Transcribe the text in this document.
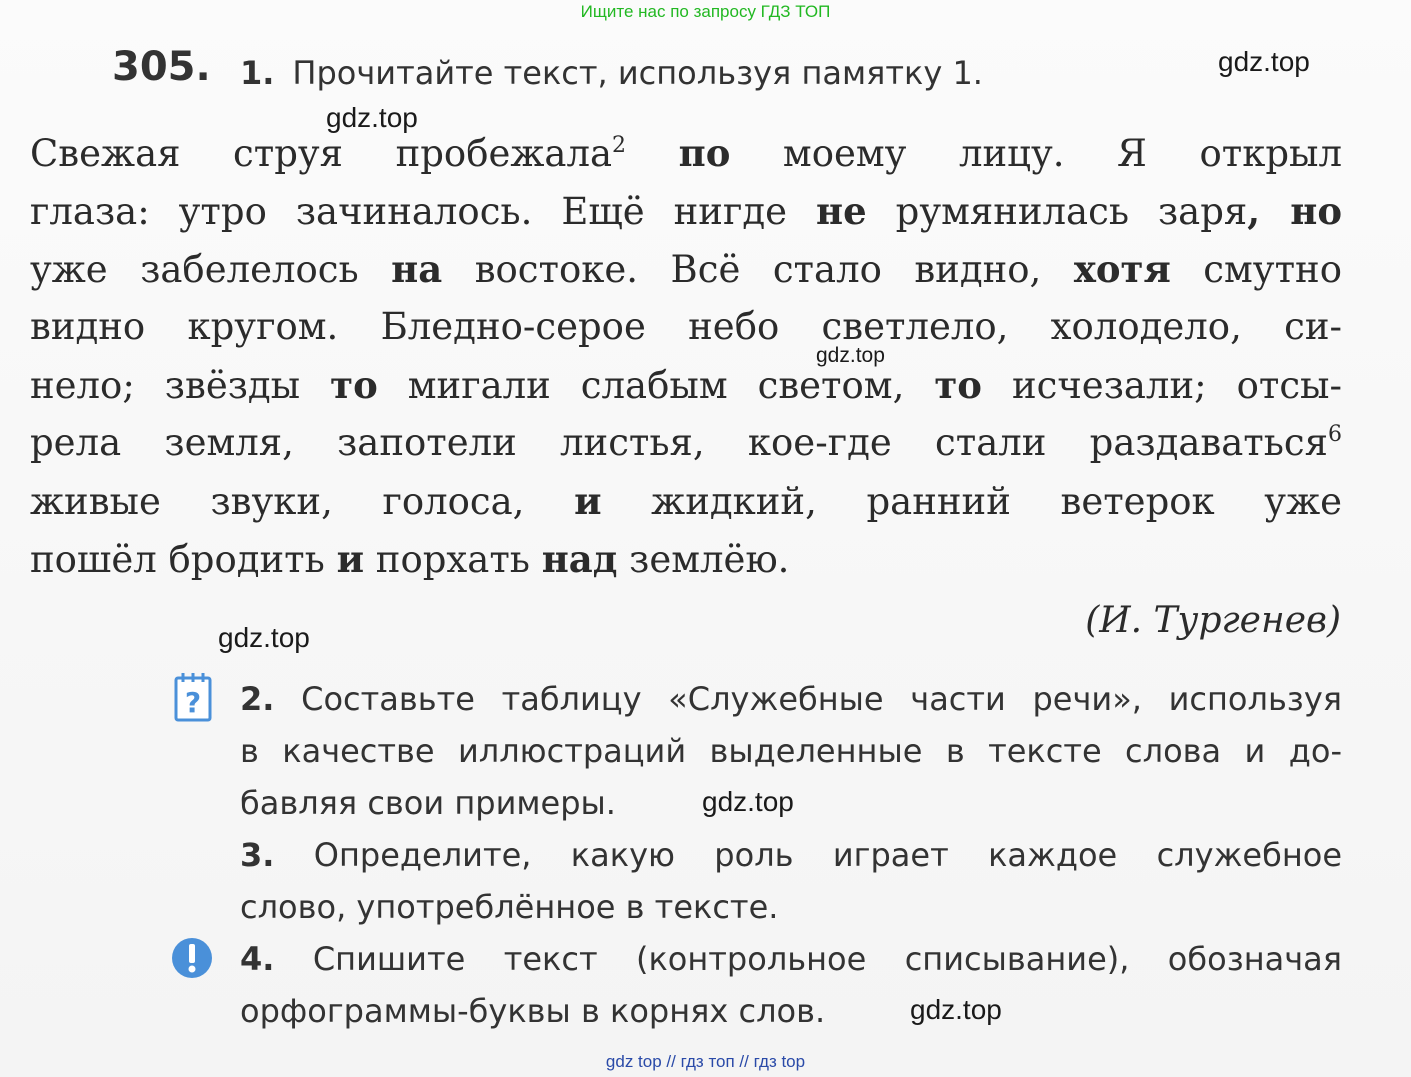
Ищите нас по запросу ГДЗ ТОП
305. 1. Прочитайте текст, используя памятку 1.
Свежая струя пробежала$^2$ по моему лицу. Я открыл
глаза: утро зачиналось. Ещё нигде не румянилась заря, но
уже забелелось на востоке. Всё стало видно, хотя смутно
видно кругом. Бледно-серое небо светлело, холодело, си-
нело; звёзды то мигали слабым светом, то исчезали; отсы-
рела земля, запотели листья, кое-где стали раздаваться$^6$
живые звуки, голоса, и жидкий, ранний ветерок уже
пошёл бродить и порхать над землёю.
(И. Тургенев)
? 2. Составьте таблицу «Служебные части речи», используя
в качестве иллюстраций выделенные в тексте слова и до-
бавляя свои примеры.
3. Определите, какую роль играет каждое служебное
слово, употреблённое в тексте.
4. Спишите текст (контрольное списывание), обозначая
орфограммы-буквы в корнях слов.
gdz.top
gdz.top
gdz.top
gdz.top
gdz.top
gdz.top
gdz top // гдз топ // гдз top
